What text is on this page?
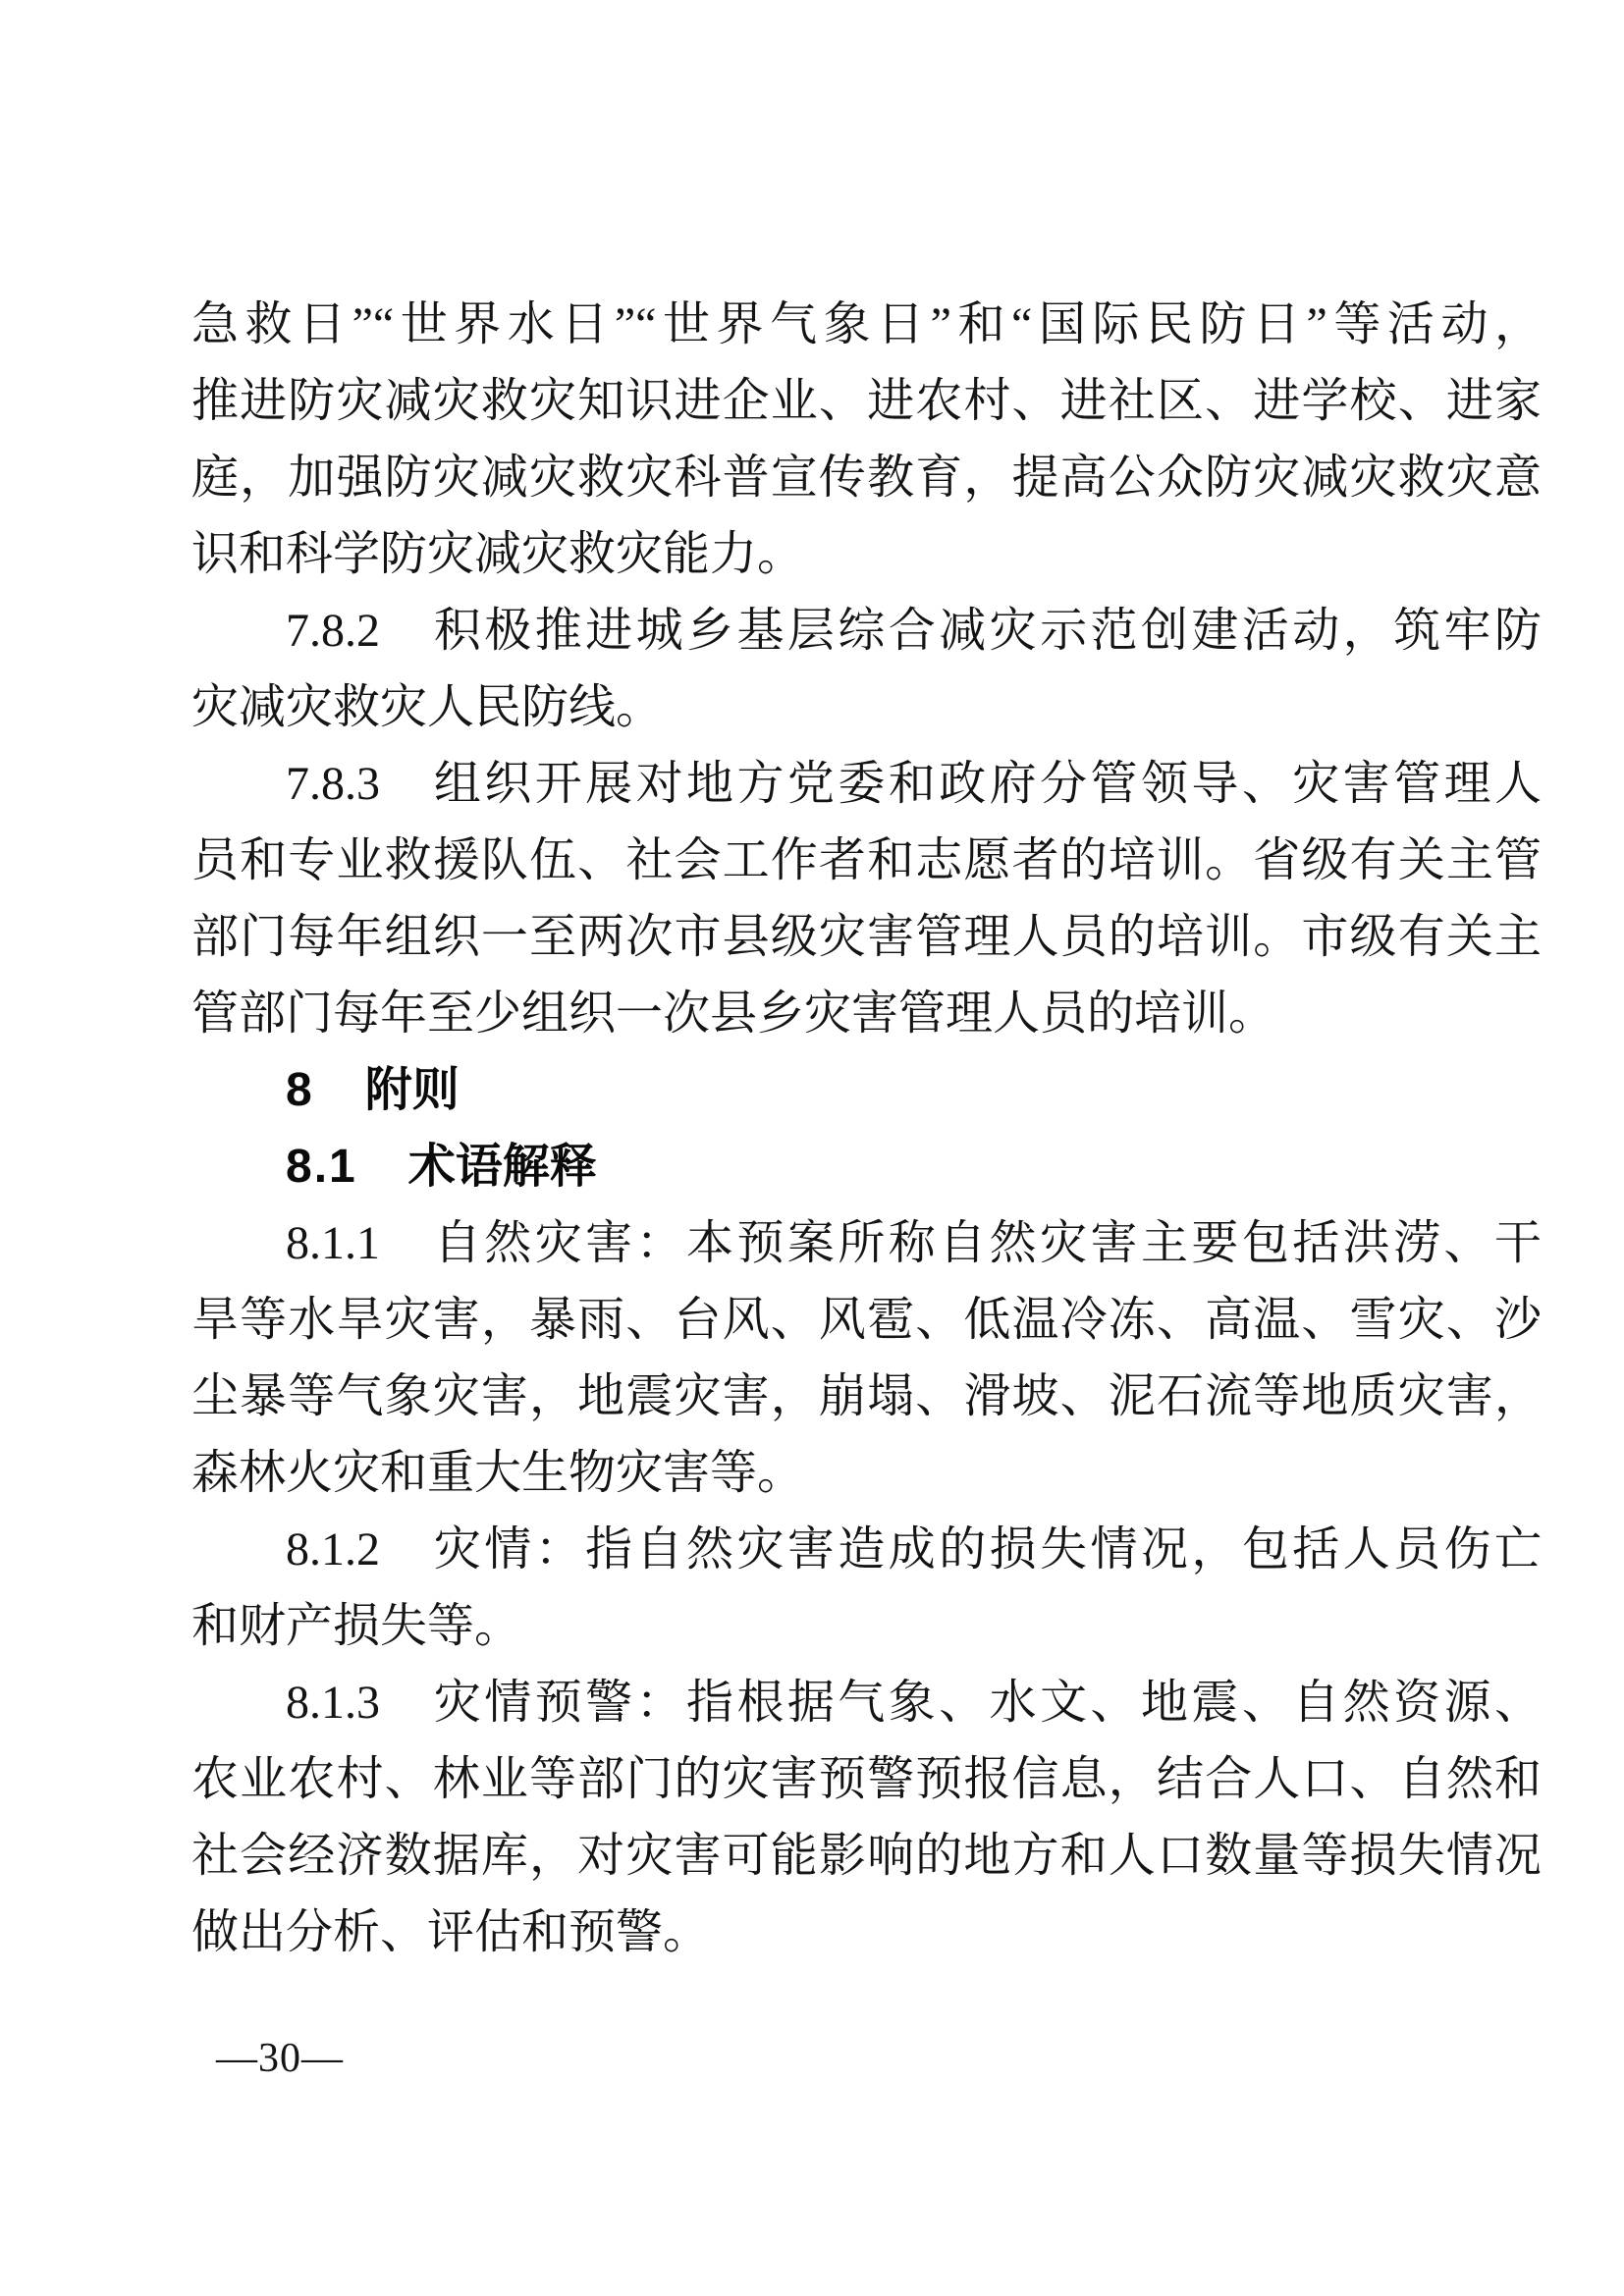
急救日”“世界水日”“世界气象日”和“国际民防日”等活动，
推进防灾减灾救灾知识进企业、进农村、进社区、进学校、进家
庭，加强防灾减灾救灾科普宣传教育，提高公众防灾减灾救灾意
识和科学防灾减灾救灾能力。
7.8.2　积极推进城乡基层综合减灾示范创建活动，筑牢防
灾减灾救灾人民防线。
7.8.3　组织开展对地方党委和政府分管领导、灾害管理人
员和专业救援队伍、社会工作者和志愿者的培训。省级有关主管
部门每年组织一至两次市县级灾害管理人员的培训。市级有关主
管部门每年至少组织一次县乡灾害管理人员的培训。
8 附则
8.1 术语解释
8.1.1　自然灾害：本预案所称自然灾害主要包括洪涝、干
旱等水旱灾害，暴雨、台风、风雹、低温冷冻、高温、雪灾、沙
尘暴等气象灾害，地震灾害，崩塌、滑坡、泥石流等地质灾害，
森林火灾和重大生物灾害等。
8.1.2　灾情：指自然灾害造成的损失情况，包括人员伤亡
和财产损失等。
8.1.3　灾情预警：指根据气象、水文、地震、自然资源、
农业农村、林业等部门的灾害预警预报信息，结合人口、自然和
社会经济数据库，对灾害可能影响的地方和人口数量等损失情况
做出分析、评估和预警。
—30—
